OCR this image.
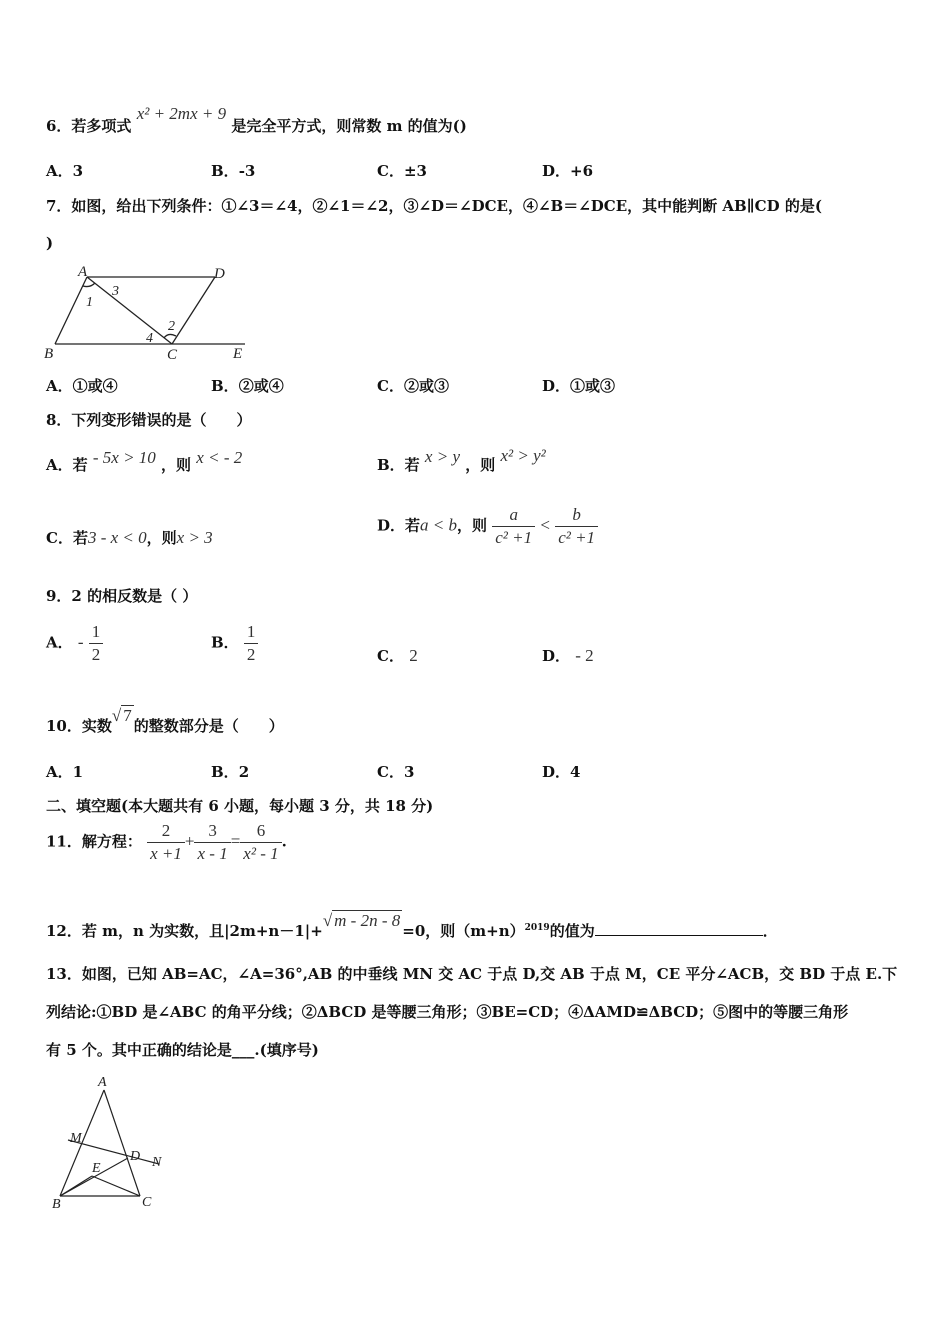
6．若多项式 x² + 2mx + 9 是完全平方式，则常数 m 的值为()
A．3	B．-3	C．±3	D．+6
7．如图，给出下列条件：①∠3＝∠4，②∠1＝∠2，③∠D＝∠DCE，④∠B＝∠DCE，其中能判断 AB∥CD 的是(
)
A	D
B	C	E
1
3
2
4
A．①或④	B．②或④	C．②或③	D．①或③
8．下列变形错误的是（　　）
A．若 - 5x > 10 ，则 x < - 2	B．若 x > y ，则 x² > y²
C．若3 - x < 0，则x > 3
D．若a < b，则 $\frac{a}{\text{c² +1}} < \frac{b}{\text{c² +1}}$
9．2 的相反数是（ ）
A． - $\frac{1}{2}$	B． $\frac{1}{2}$	C． 2	D． - 2
10．实数√ 7的整数部分是（　　）
A．1	B．2	C．3	D．4
二、填空题(本大题共有 6 小题，每小题 3 分，共 18 分)
11．解方程： $\frac{2}{x +1} + \frac{3}{x - 1} = \frac{6}{\text{x² - 1}}$ .
12．若 m，n 为实数，且|2m+n－1|+√ m - 2n - 8=0，则$(m+n)^{2019}$的值为	．
13．如图，已知 AB=AC，∠A=36°,AB 的中垂线 MN 交 AC 于点 D,交 AB 于点 M，CE 平分∠ACB，交 BD 于点 E.下
列结论:①BD 是∠ABC 的角平分线；②ΔBCD 是等腰三角形；③BE=CD；④ΔAMD≌ΔBCD；⑤图中的等腰三角形
有 5 个。其中正确的结论是___.(填序号)
A
M
D N
E
B	C
